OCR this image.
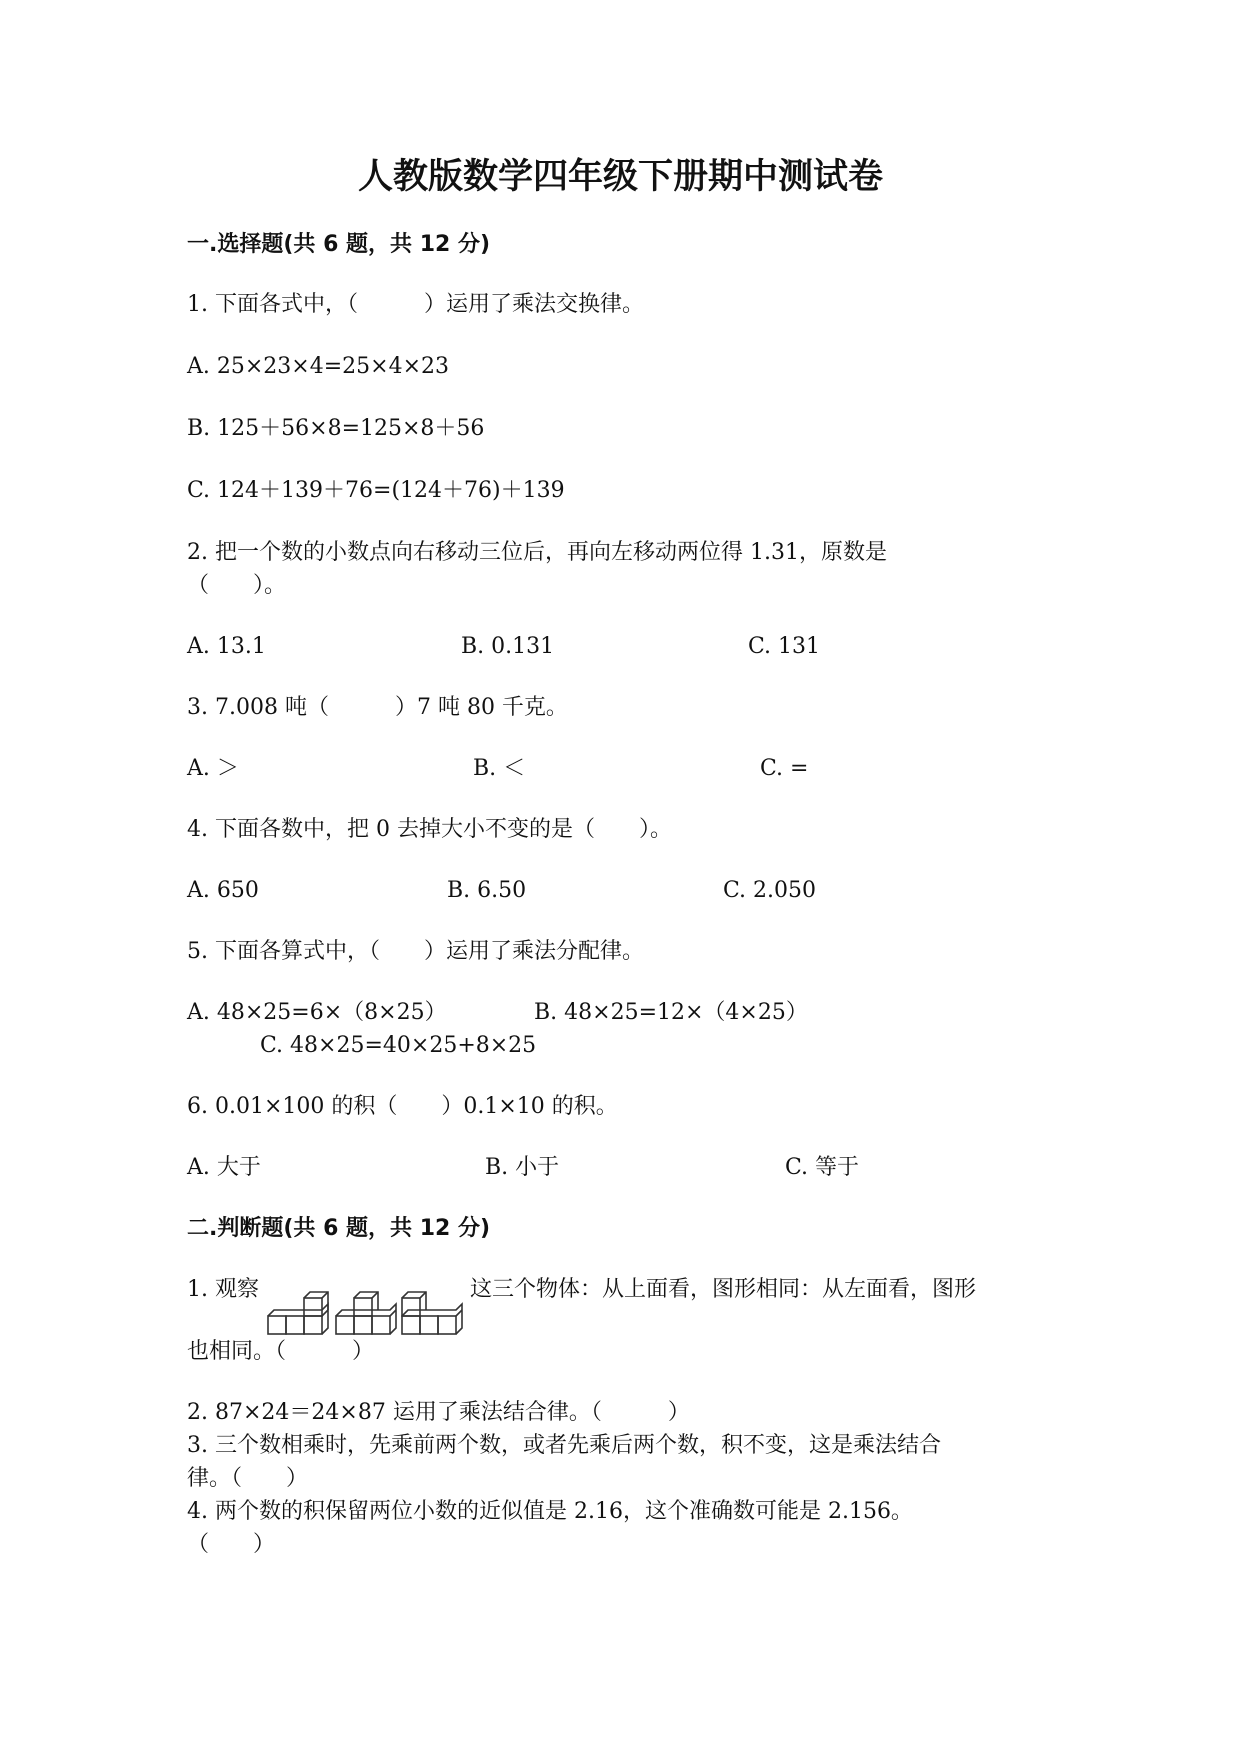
人教版数学四年级下册期中测试卷
一.选择题(共 6 题，共 12 分)
1. 下面各式中，（　　　）运用了乘法交换律。
A. 25×23×4=25×4×23
B. 125＋56×8=125×8＋56
C. 124＋139＋76=(124＋76)＋139
2. 把一个数的小数点向右移动三位后，再向左移动两位得 1.31，原数是
（　　）。
A. 13.1	B. 0.131	C. 131
3. 7.008 吨（　　　）7 吨 80 千克。
A. ＞	B. ＜	C. =
4. 下面各数中，把 0 去掉大小不变的是（　　）。
A. 650	B. 6.50	C. 2.050
5. 下面各算式中，（　　）运用了乘法分配律。
A. 48×25=6×（8×25）	B. 48×25=12×（4×25）
C. 48×25=40×25+8×25
6. 0.01×100 的积（　　）0.1×10 的积。
A. 大于	B. 小于	C. 等于
二.判断题(共 6 题，共 12 分)
1. 观察	这三个物体：从上面看，图形相同：从左面看，图形
也相同。（　　　）
2. 87×24＝24×87 运用了乘法结合律。（　　　）
3. 三个数相乘时，先乘前两个数，或者先乘后两个数，积不变，这是乘法结合
律。（　　）
4. 两个数的积保留两位小数的近似值是 2.16，这个准确数可能是 2.156。
（　　）
